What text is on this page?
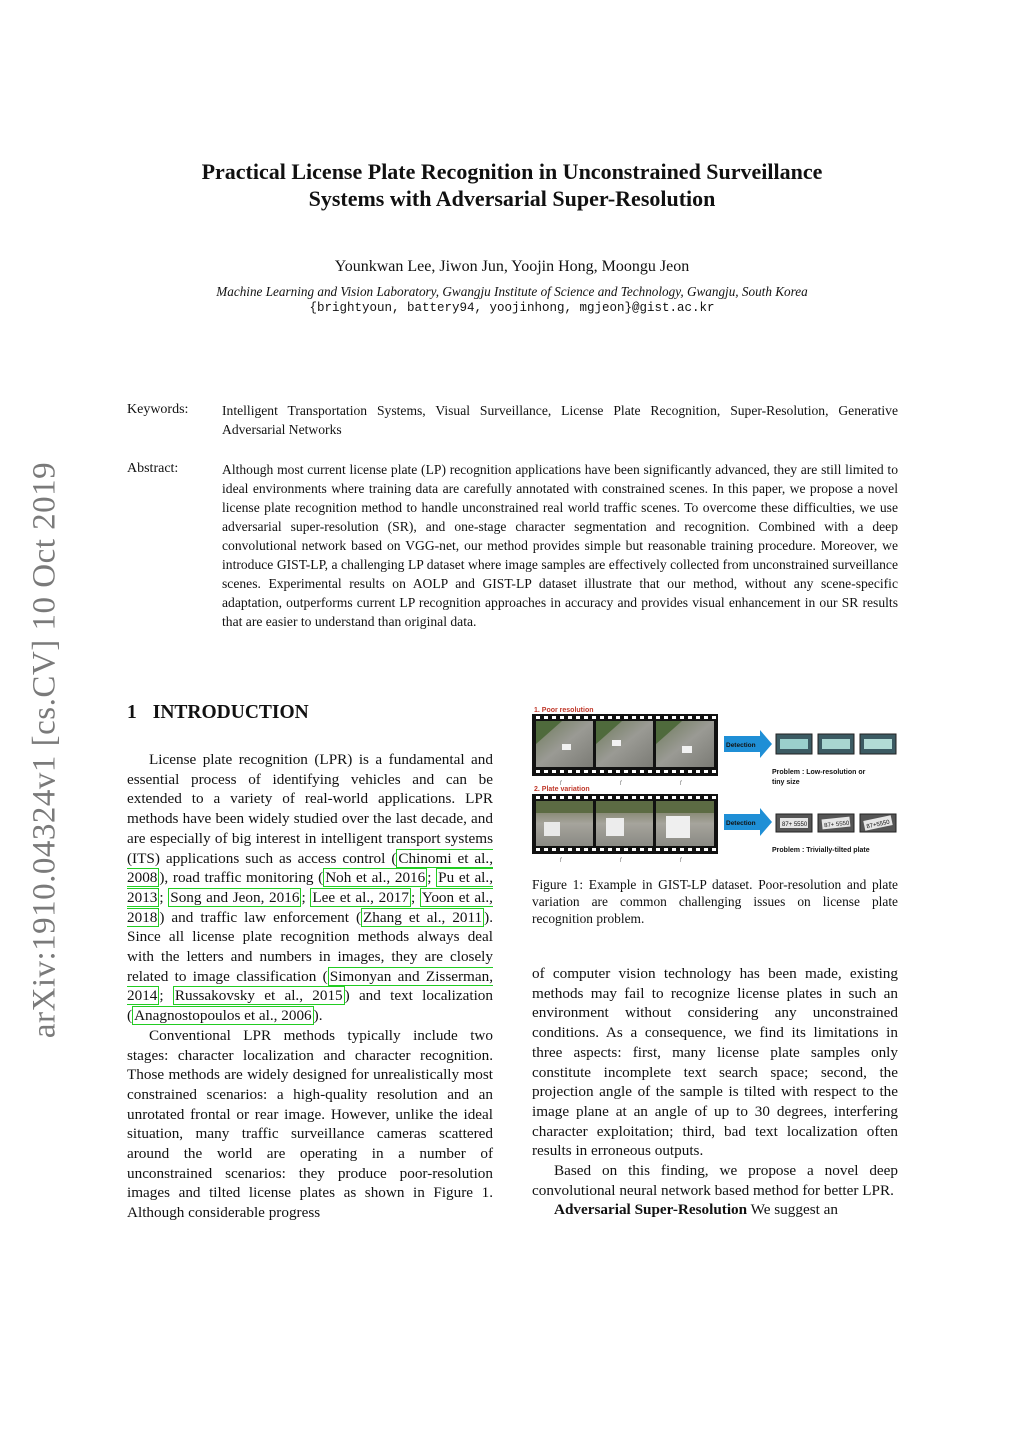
arXiv:1910.04324v1 [cs.CV] 10 Oct 2019
Practical License Plate Recognition in Unconstrained Surveillance
Systems with Adversarial Super-Resolution
Younkwan Lee, Jiwon Jun, Yoojin Hong, Moongu Jeon
Machine Learning and Vision Laboratory, Gwangju Institute of Science and Technology, Gwangju, South Korea
{brightyoun, battery94, yoojinhong, mgjeon}@gist.ac.kr
Keywords: Intelligent Transportation Systems, Visual Surveillance, License Plate Recognition, Super-Resolution, Generative Adversarial Networks
Abstract:	Although most current license plate (LP) recognition applications have been significantly advanced, they are still limited to ideal environments where training data are carefully annotated with constrained scenes. In this paper, we propose a novel license plate recognition method to handle unconstrained real world traffic scenes. To overcome these difficulties, we use adversarial super-resolution (SR), and one-stage character segmentation and recognition. Combined with a deep convolutional network based on VGG-net, our method provides simple but reasonable training procedure. Moreover, we introduce GIST-LP, a challenging LP dataset where image samples are effectively collected from unconstrained surveillance scenes. Experimental results on AOLP and GIST-LP dataset illustrate that our method, without any scene-specific adaptation, outperforms current LP recognition approaches in accuracy and provides visual enhancement in our SR results that are easier to understand than original data.
1 INTRODUCTION

License plate recognition (LPR) is a fundamental and essential process of identifying vehicles and can be extended to a variety of real-world applications. LPR methods have been widely studied over the last decade, and are especially of big interest in intelligent transport systems (ITS) applications such as access control ( Chinomi et al., 2008 ), road traffic monitoring ( Noh et al., 2016 ; Pu et al., 2013 ; Song and Jeon, 2016 ; Lee et al., 2017 ; Yoon et al., 2018 ) and traffic law enforcement ( Zhang et al., 2011 ). Since all license plate recognition methods always deal with the letters and numbers in images, they are closely related to image classification ( Simonyan and Zisserman, 2014 ; Russakovsky et al., 2015 ) and text localization ( Anagnostopoulos et al., 2006 ).

Conventional LPR methods typically include two stages: character localization and character recognition. Those methods are widely designed for unrealistically most constrained scenarios: a high-quality resolution and an unrotated frontal or rear image. However, unlike the ideal situation, many traffic surveillance cameras scattered around the world are operating in a number of unconstrained scenarios: they produce poor-resolution images and tilted license plates as shown in Figure 1. Although considerable progress

1. Poor resolution
f	f	f
2. Plate variation
f	f	f
Detection
Detection
Problem : Low-resolution or tiny size
87+ 5550	87+ 5550	87+5550
Problem : Trivially-tilted plate
Figure 1: Example in GIST-LP dataset. Poor-resolution and plate variation are common challenging issues on license plate recognition problem.

of computer vision technology has been made, existing methods may fail to recognize license plates in such an environment without considering any unconstrained conditions. As a consequence, we find its limitations in three aspects: first, many license plate samples only constitute incomplete text search space; second, the projection angle of the sample is tilted with respect to the image plane at an angle of up to 30 degrees, interfering character exploitation; third, bad text localization often results in erroneous outputs.

Based on this finding, we propose a novel deep convolutional neural network based method for better LPR.

Adversarial Super-Resolution We suggest an
